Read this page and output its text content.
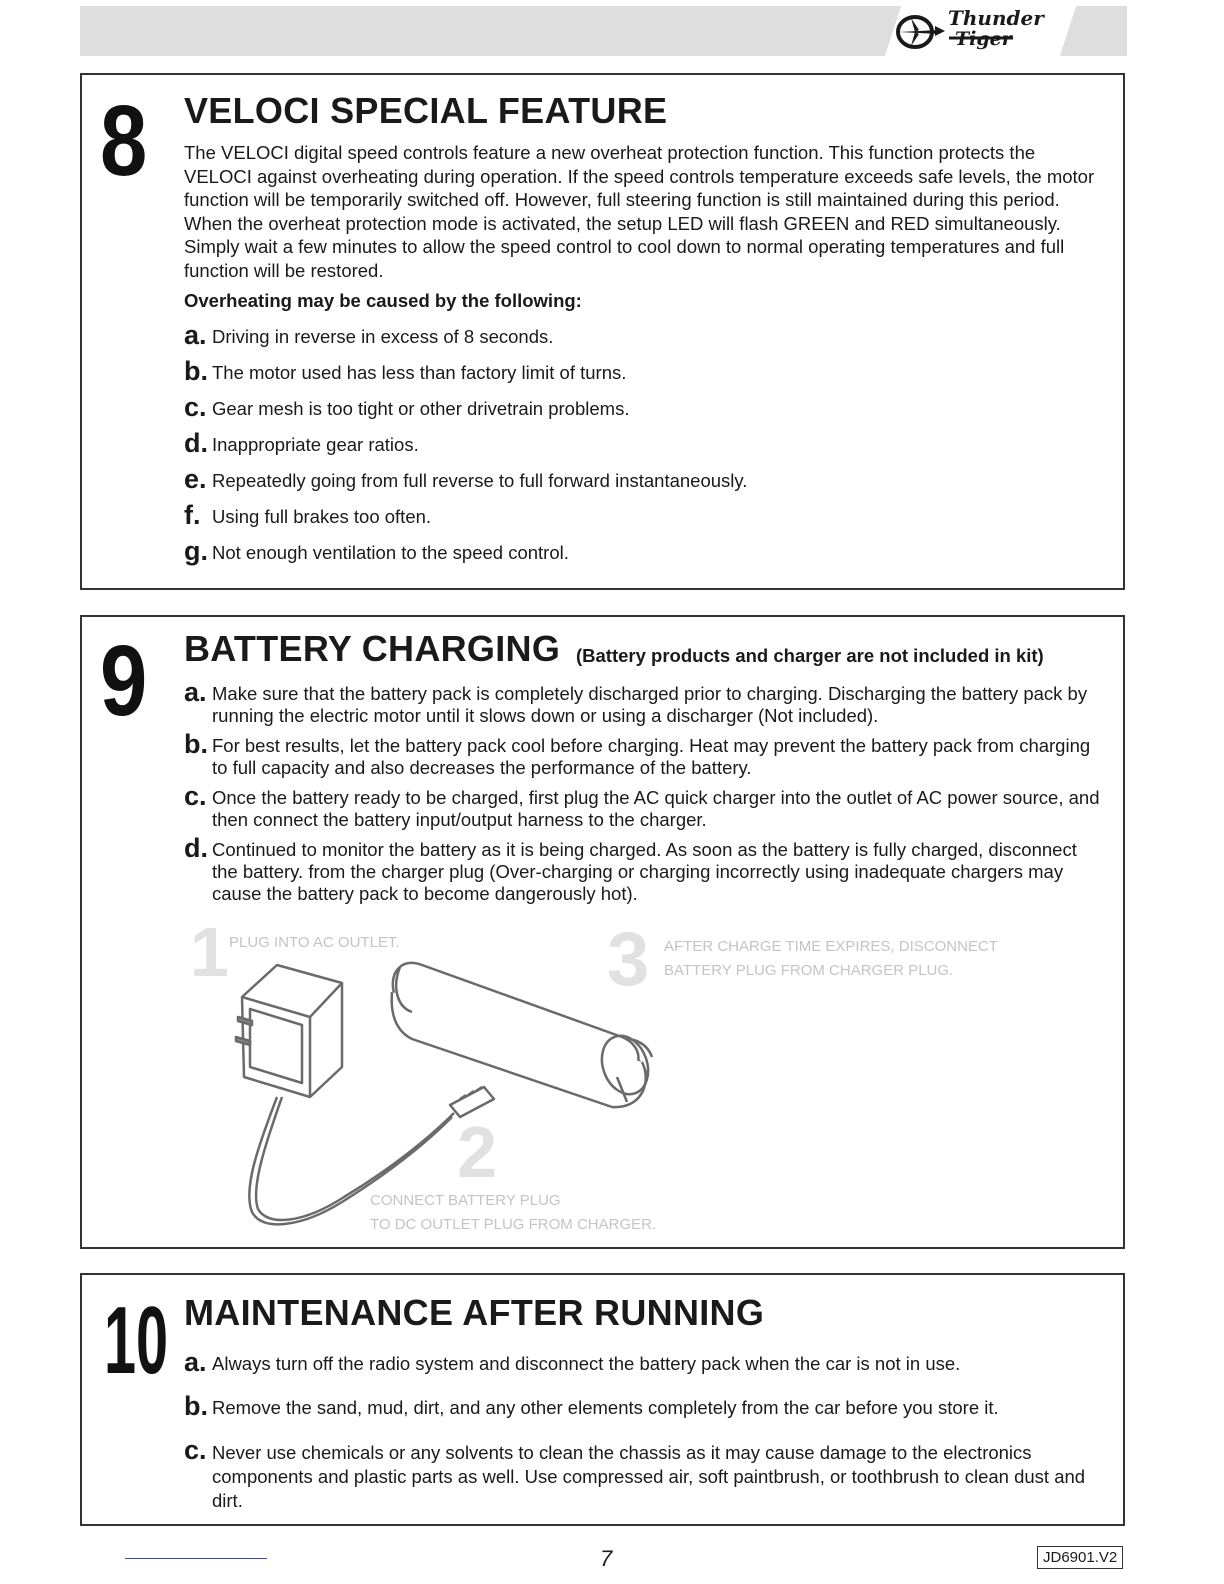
Thunder
Tiger
8 VELOCI SPECIAL FEATURE
The VELOCI digital speed controls feature a new overheat protection function. This function protects the VELOCI against overheating during operation. If the speed controls temperature exceeds safe levels, the motor function will be temporarily switched off. However, full steering function is still maintained during this period. When the overheat protection mode is activated, the setup LED will flash GREEN and RED simultaneously. Simply wait a few minutes to allow the speed control to cool down to normal operating temperatures and full function will be restored.
Overheating may be caused by the following:
a. Driving in reverse in excess of 8 seconds.
b. The motor used has less than factory limit of turns.
c. Gear mesh is too tight or other drivetrain problems.
d. Inappropriate gear ratios.
e. Repeatedly going from full reverse to full forward instantaneously.
f. Using full brakes too often.
g. Not enough ventilation to the speed control.
9 BATTERY CHARGING (Battery products and charger are not included in kit)
a. Make sure that the battery pack is completely discharged prior to charging. Discharging the battery pack by running the electric motor until it slows down or using a discharger (Not included).
b. For best results, let the battery pack cool before charging. Heat may prevent the battery pack from charging to full capacity and also decreases the performance of the battery.
c. Once the battery ready to be charged, first plug the AC quick charger into the outlet of AC power source, and then connect the battery input/output harness to the charger.
d. Continued to monitor the battery as it is being charged. As soon as the battery is fully charged, disconnect the battery. from the charger plug (Over-charging or charging incorrectly using inadequate chargers may cause the battery pack to become dangerously hot).
1 PLUG INTO AC OUTLET.	3 AFTER CHARGE TIME EXPIRES, DISCONNECT
BATTERY PLUG FROM CHARGER PLUG.
2
CONNECT BATTERY PLUG
TO DC OUTLET PLUG FROM CHARGER.
10 MAINTENANCE AFTER RUNNING
a. Always turn off the radio system and disconnect the battery pack when the car is not in use.
b. Remove the sand, mud, dirt, and any other elements completely from the car before you store it.
c. Never use chemicals or any solvents to clean the chassis as it may cause damage to the electronics components and plastic parts as well. Use compressed air, soft paintbrush, or toothbrush to clean dust and dirt.
7	JD6901.V2
